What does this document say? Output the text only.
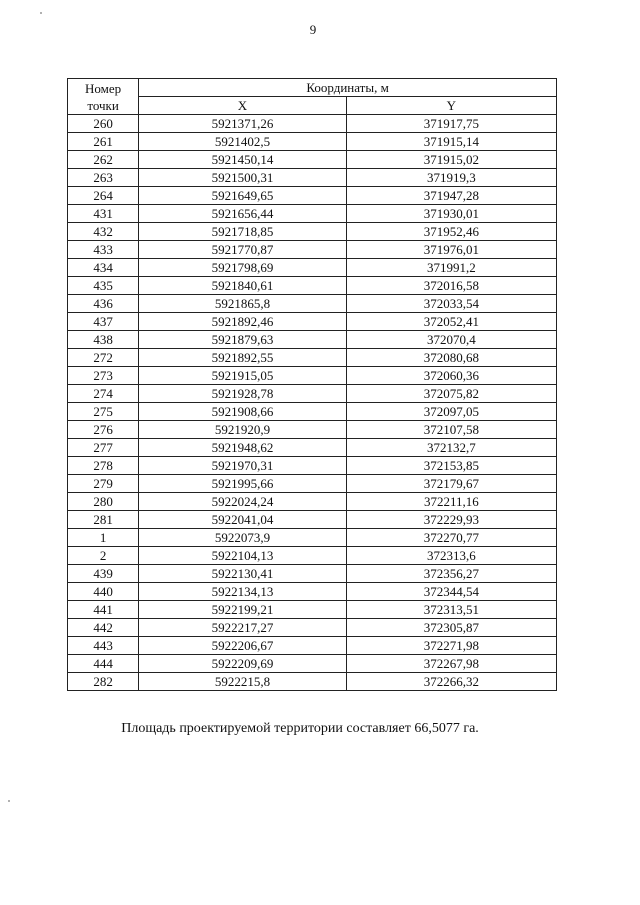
9
Номер точки	Координаты, м	
	X	Y
260	5921371,26	371917,75
261	5921402,5	371915,14
262	5921450,14	371915,02
263	5921500,31	371919,3
264	5921649,65	371947,28
431	5921656,44	371930,01
432	5921718,85	371952,46
433	5921770,87	371976,01
434	5921798,69	371991,2
435	5921840,61	372016,58
436	5921865,8	372033,54
437	5921892,46	372052,41
438	5921879,63	372070,4
272	5921892,55	372080,68
273	5921915,05	372060,36
274	5921928,78	372075,82
275	5921908,66	372097,05
276	5921920,9	372107,58
277	5921948,62	372132,7
278	5921970,31	372153,85
279	5921995,66	372179,67
280	5922024,24	372211,16
281	5922041,04	372229,93
1	5922073,9	372270,77
2	5922104,13	372313,6
439	5922130,41	372356,27
440	5922134,13	372344,54
441	5922199,21	372313,51
442	5922217,27	372305,87
443	5922206,67	372271,98
444	5922209,69	372267,98
282	5922215,8	372266,32
Площадь проектируемой территории составляет 66,5077 га.
